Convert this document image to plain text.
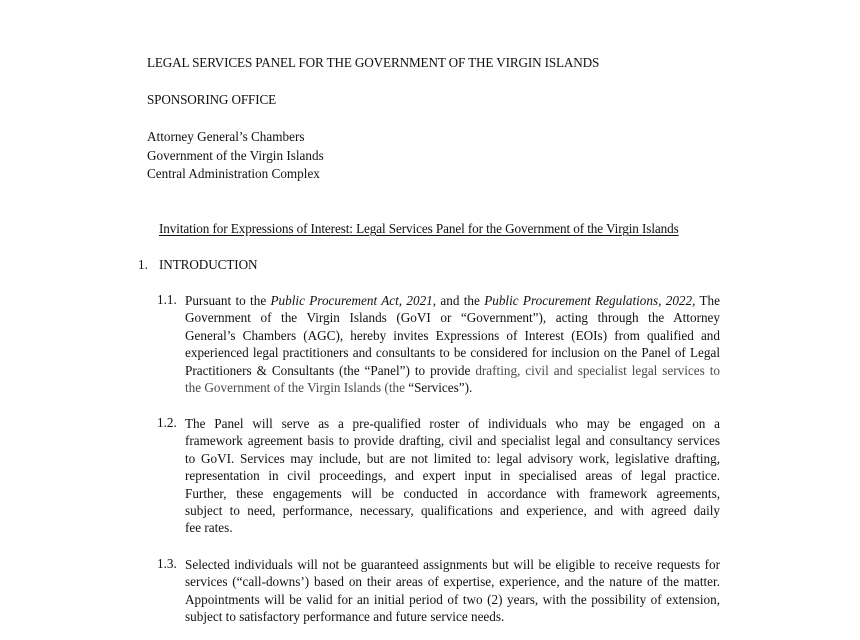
LEGAL SERVICES PANEL FOR THE GOVERNMENT OF THE VIRGIN ISLANDS
SPONSORING OFFICE
Attorney General’s Chambers
Government of the Virgin Islands
Central Administration Complex
Invitation for Expressions of Interest: Legal Services Panel for the Government of the Virgin Islands
1. INTRODUCTION
1.1. Pursuant to the Public Procurement Act, 2021, and the Public Procurement Regulations, 2022, The
Government of the Virgin Islands (GoVI or “Government”), acting through the Attorney
General’s Chambers (AGC), hereby invites Expressions of Interest (EOIs) from qualified and
experienced legal practitioners and consultants to be considered for inclusion on the Panel of Legal
Practitioners & Consultants (the “Panel”) to provide drafting, civil and specialist legal services to
the Government of the Virgin Islands (the “Services”).
1.2. The Panel will serve as a pre-qualified roster of individuals who may be engaged on a
framework agreement basis to provide drafting, civil and specialist legal and consultancy services
to GoVI. Services may include, but are not limited to: legal advisory work, legislative drafting,
representation in civil proceedings, and expert input in specialised areas of legal practice.
Further, these engagements will be conducted in accordance with framework agreements,
subject to need, performance, necessary, qualifications and experience, and with agreed daily
fee rates.
1.3. Selected individuals will not be guaranteed assignments but will be eligible to receive requests for
services (“call-downs’) based on their areas of expertise, experience, and the nature of the matter.
Appointments will be valid for an initial period of two (2) years, with the possibility of extension,
subject to satisfactory performance and future service needs.
